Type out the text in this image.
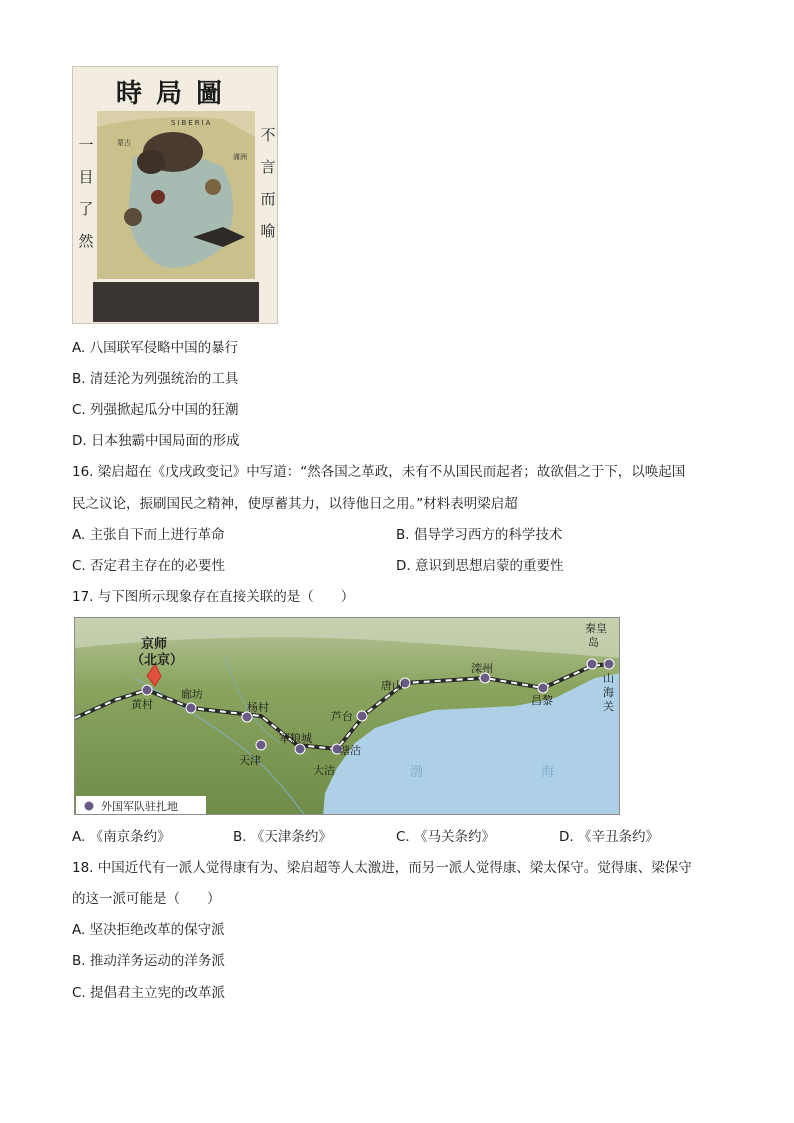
時局圖
SIBERIA
蒙古
滿洲
一
目
了
然
不
言
而
喻
A. 八国联军侵略中国的暴行
B. 清廷沦为列强统治的工具
C. 列强掀起瓜分中国的狂潮
D. 日本独霸中国局面的形成
16. 梁启超在《戊戌政变记》中写道：“然各国之革政，未有不从国民而起者；故欲倡之于下，以唤起国
民之议论，振刷国民之精神，使厚蓄其力，以待他日之用。”材料表明梁启超
A. 主张自下而上进行革命	B. 倡导学习西方的科学技术
C. 否定君主存在的必要性	D. 意识到思想启蒙的重要性
17. 与下图所示现象存在直接关联的是（　　）
京师
（北京）
黄村
廊坊
杨村
天津
军粮城
大沽
塘沽
芦台
唐山
滦州
昌黎
秦皇
岛
山
海
关
渤	海
外国军队驻扎地
A. 《南京条约》	B. 《天津条约》	C. 《马关条约》	D. 《辛丑条约》
18. 中国近代有一派人觉得康有为、梁启超等人太激进，而另一派人觉得康、梁太保守。觉得康、梁保守
的这一派可能是（　　）
A. 坚决拒绝改革的保守派
B. 推动洋务运动的洋务派
C. 提倡君主立宪的改革派
